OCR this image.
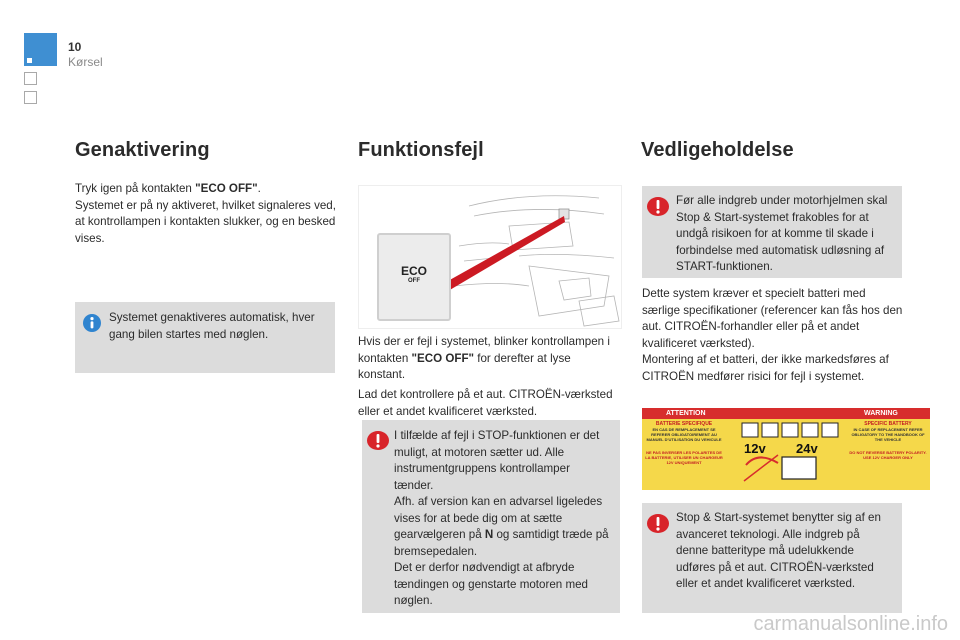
10
Kørsel
Genaktivering
Tryk igen på kontakten "ECO OFF".
Systemet er på ny aktiveret, hvilket signaleres ved, at kontrollampen i kontakten slukker, og en besked vises.
Systemet genaktiveres automatisk, hver gang bilen startes med nøglen.
Funktionsfejl
ECO
OFF
Hvis der er fejl i systemet, blinker kontrollampen i kontakten "ECO OFF" for derefter at lyse konstant.
Lad det kontrollere på et aut. CITROËN-værksted eller et andet kvalificeret værksted.
I tilfælde af fejl i STOP-funktionen er det muligt, at motoren sætter ud. Alle instrumentgruppens kontrollamper tænder.
Afh. af version kan en advarsel ligeledes vises for at bede dig om at sætte gearvælgeren på N og samtidigt træde på bremsepedalen.
Det er derfor nødvendigt at afbryde tændingen og genstarte motoren med nøglen.
Vedligeholdelse
Før alle indgreb under motorhjelmen skal Stop & Start-systemet frakobles for at undgå risikoen for at komme til skade i forbindelse med automatisk udløsning af START-funktionen.
Dette system kræver et specielt batteri med særlige specifikationer (referencer kan fås hos den aut. CITROËN-forhandler eller på et andet kvalificeret værksted).
Montering af et batteri, der ikke markedsføres af CITROËN medfører risici for fejl i systemet.
ATTENTION	WARNING
BATTERIE SPECIFIQUE
EN CAS DE REMPLACEMENT SE REFERER OBLIGATOIREMENT AU MANUEL D'UTILISATION DU VEHICULE
NE PAS INVERSER LES POLARITES DE LA BATTERIE, UTILISER UN CHARGEUR 12V UNIQUEMENT
SPECIFIC BATTERY
IN CASE OF REPLACEMENT REFER OBLIGATORY TO THE HANDBOOK OF THE VEHICLE
DO NOT REVERSE BATTERY POLARITY. USE 12V CHARGER ONLY
12v 24v
Stop & Start-systemet benytter sig af en avanceret teknologi. Alle indgreb på denne batteritype må udelukkende udføres på et aut. CITROËN-værksted eller et andet kvalificeret værksted.
carmanualsonline.info
